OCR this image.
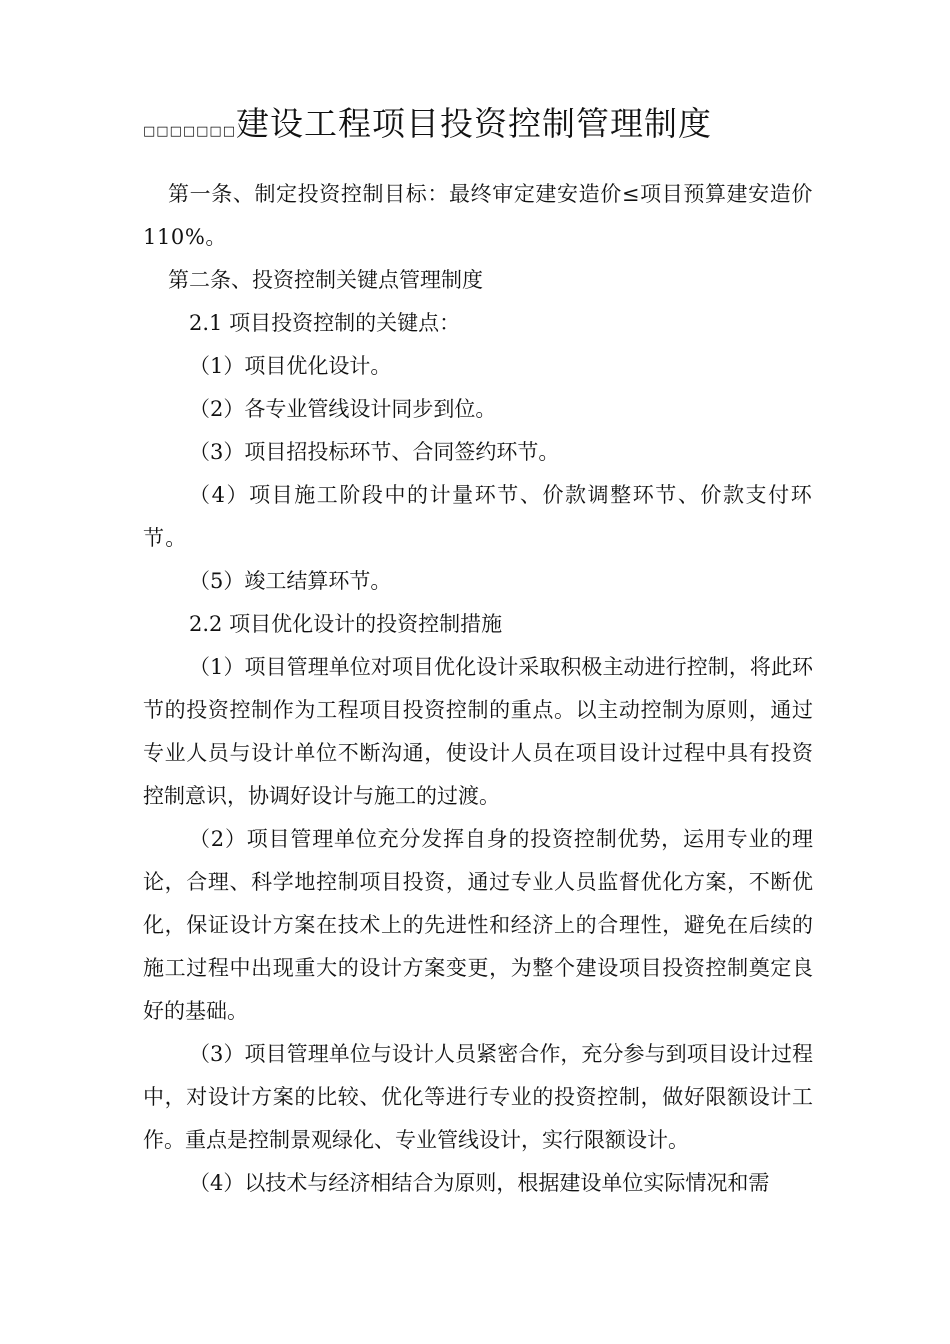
□□□□□□□建设工程项目投资控制管理制度

第一条、制定投资控制目标：最终审定建安造价≤项目预算建安造价 110%。

第二条、投资控制关键点管理制度

2.1 项目投资控制的关键点：

（1）项目优化设计。

（2）各专业管线设计同步到位。

（3）项目招投标环节、合同签约环节。

（4）项目施工阶段中的计量环节、价款调整环节、价款支付环节。

（5）竣工结算环节。

2.2 项目优化设计的投资控制措施

（1）项目管理单位对项目优化设计采取积极主动进行控制，将此环节的投资控制作为工程项目投资控制的重点。以主动控制为原则，通过专业人员与设计单位不断沟通，使设计人员在项目设计过程中具有投资控制意识，协调好设计与施工的过渡。

（2）项目管理单位充分发挥自身的投资控制优势，运用专业的理论，合理、科学地控制项目投资，通过专业人员监督优化方案，不断优化，保证设计方案在技术上的先进性和经济上的合理性，避免在后续的施工过程中出现重大的设计方案变更，为整个建设项目投资控制奠定良好的基础。

（3）项目管理单位与设计人员紧密合作，充分参与到项目设计过程中，对设计方案的比较、优化等进行专业的投资控制，做好限额设计工作。重点是控制景观绿化、专业管线设计，实行限额设计。

（4）以技术与经济相结合为原则，根据建设单位实际情况和需
